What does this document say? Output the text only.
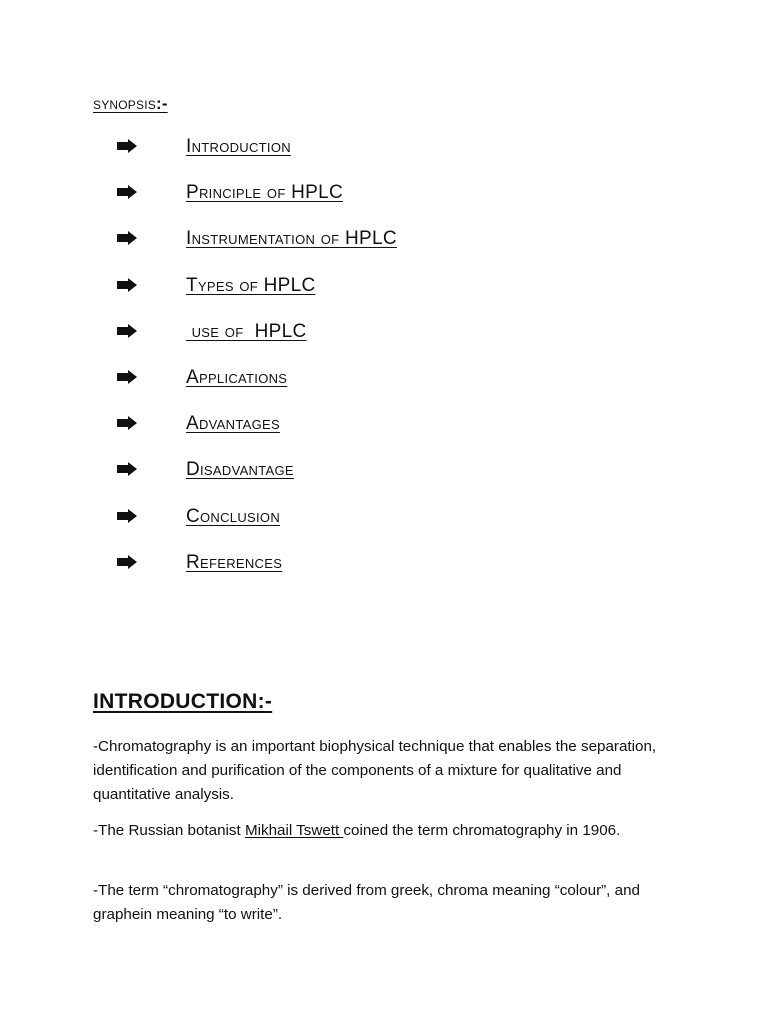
synopsis:-
Introduction
Principle of HPLC
Instrumentation of HPLC
Types of HPLC
use of  HPLC
Applications
Advantages
Disadvantage
Conclusion
References
INTRODUCTION:-

-Chromatography is an important biophysical technique that enables the separation, identification and purification of the components of a mixture for qualitative and quantitative analysis.

-The Russian botanist Mikhail Tswett coined the term chromatography in 1906.

-The term “chromatography” is derived from greek, chroma meaning “colour”, and graphein meaning “to write”.
